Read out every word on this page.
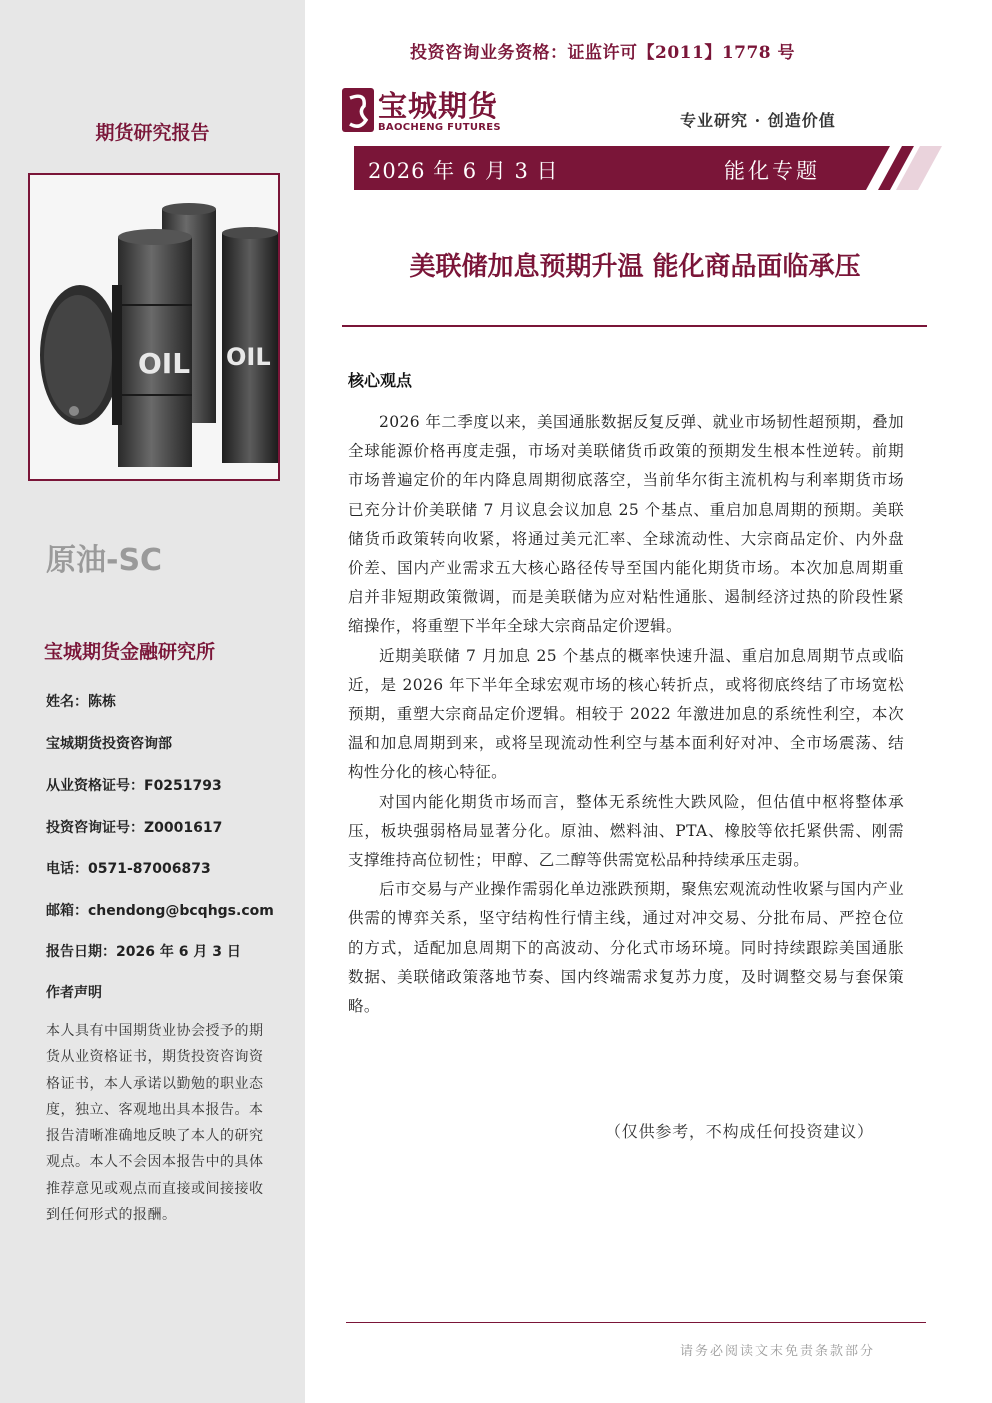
期货研究报告
OIL OIL
原油-SC
宝城期货金融研究所
姓名：陈栋
宝城期货投资咨询部
从业资格证号：F0251793
投资咨询证号：Z0001617
电话：0571-87006873
邮箱：chendong@bcqhgs.com
报告日期：2026 年 6 月 3 日
作者声明
本人具有中国期货业协会授予的期货从业资格证书，期货投资咨询资格证书，本人承诺以勤勉的职业态度，独立、客观地出具本报告。本报告清晰准确地反映了本人的研究观点。本人不会因本报告中的具体推荐意见或观点而直接或间接接收到任何形式的报酬。
投资咨询业务资格：证监许可【2011】1778 号
宝城期货
BAOCHENG FUTURES	专业研究 · 创造价值
2026 年 6 月 3 日	能化专题
美联储加息预期升温 能化商品面临承压
核心观点

2026 年二季度以来，美国通胀数据反复反弹、就业市场韧性超预期，叠加全球能源价格再度走强，市场对美联储货币政策的预期发生根本性逆转。前期市场普遍定价的年内降息周期彻底落空，当前华尔街主流机构与利率期货市场已充分计价美联储 7 月议息会议加息 25 个基点、重启加息周期的预期。美联储货币政策转向收紧，将通过美元汇率、全球流动性、大宗商品定价、内外盘价差、国内产业需求五大核心路径传导至国内能化期货市场。本次加息周期重启并非短期政策微调，而是美联储为应对粘性通胀、遏制经济过热的阶段性紧缩操作，将重塑下半年全球大宗商品定价逻辑。

近期美联储 7 月加息 25 个基点的概率快速升温、重启加息周期节点或临近，是 2026 年下半年全球宏观市场的核心转折点，或将彻底终结了市场宽松预期，重塑大宗商品定价逻辑。相较于 2022 年激进加息的系统性利空，本次温和加息周期到来，或将呈现流动性利空与基本面利好对冲、全市场震荡、结构性分化的核心特征。

对国内能化期货市场而言，整体无系统性大跌风险，但估值中枢将整体承压，板块强弱格局显著分化。原油、燃料油、PTA、橡胶等依托紧供需、刚需支撑维持高位韧性；甲醇、乙二醇等供需宽松品种持续承压走弱。

后市交易与产业操作需弱化单边涨跌预期，聚焦宏观流动性收紧与国内产业供需的博弈关系，坚守结构性行情主线，通过对冲交易、分批布局、严控仓位的方式，适配加息周期下的高波动、分化式市场环境。同时持续跟踪美国通胀数据、美联储政策落地节奏、国内终端需求复苏力度，及时调整交易与套保策略。

（仅供参考，不构成任何投资建议）
请务必阅读文末免责条款部分
